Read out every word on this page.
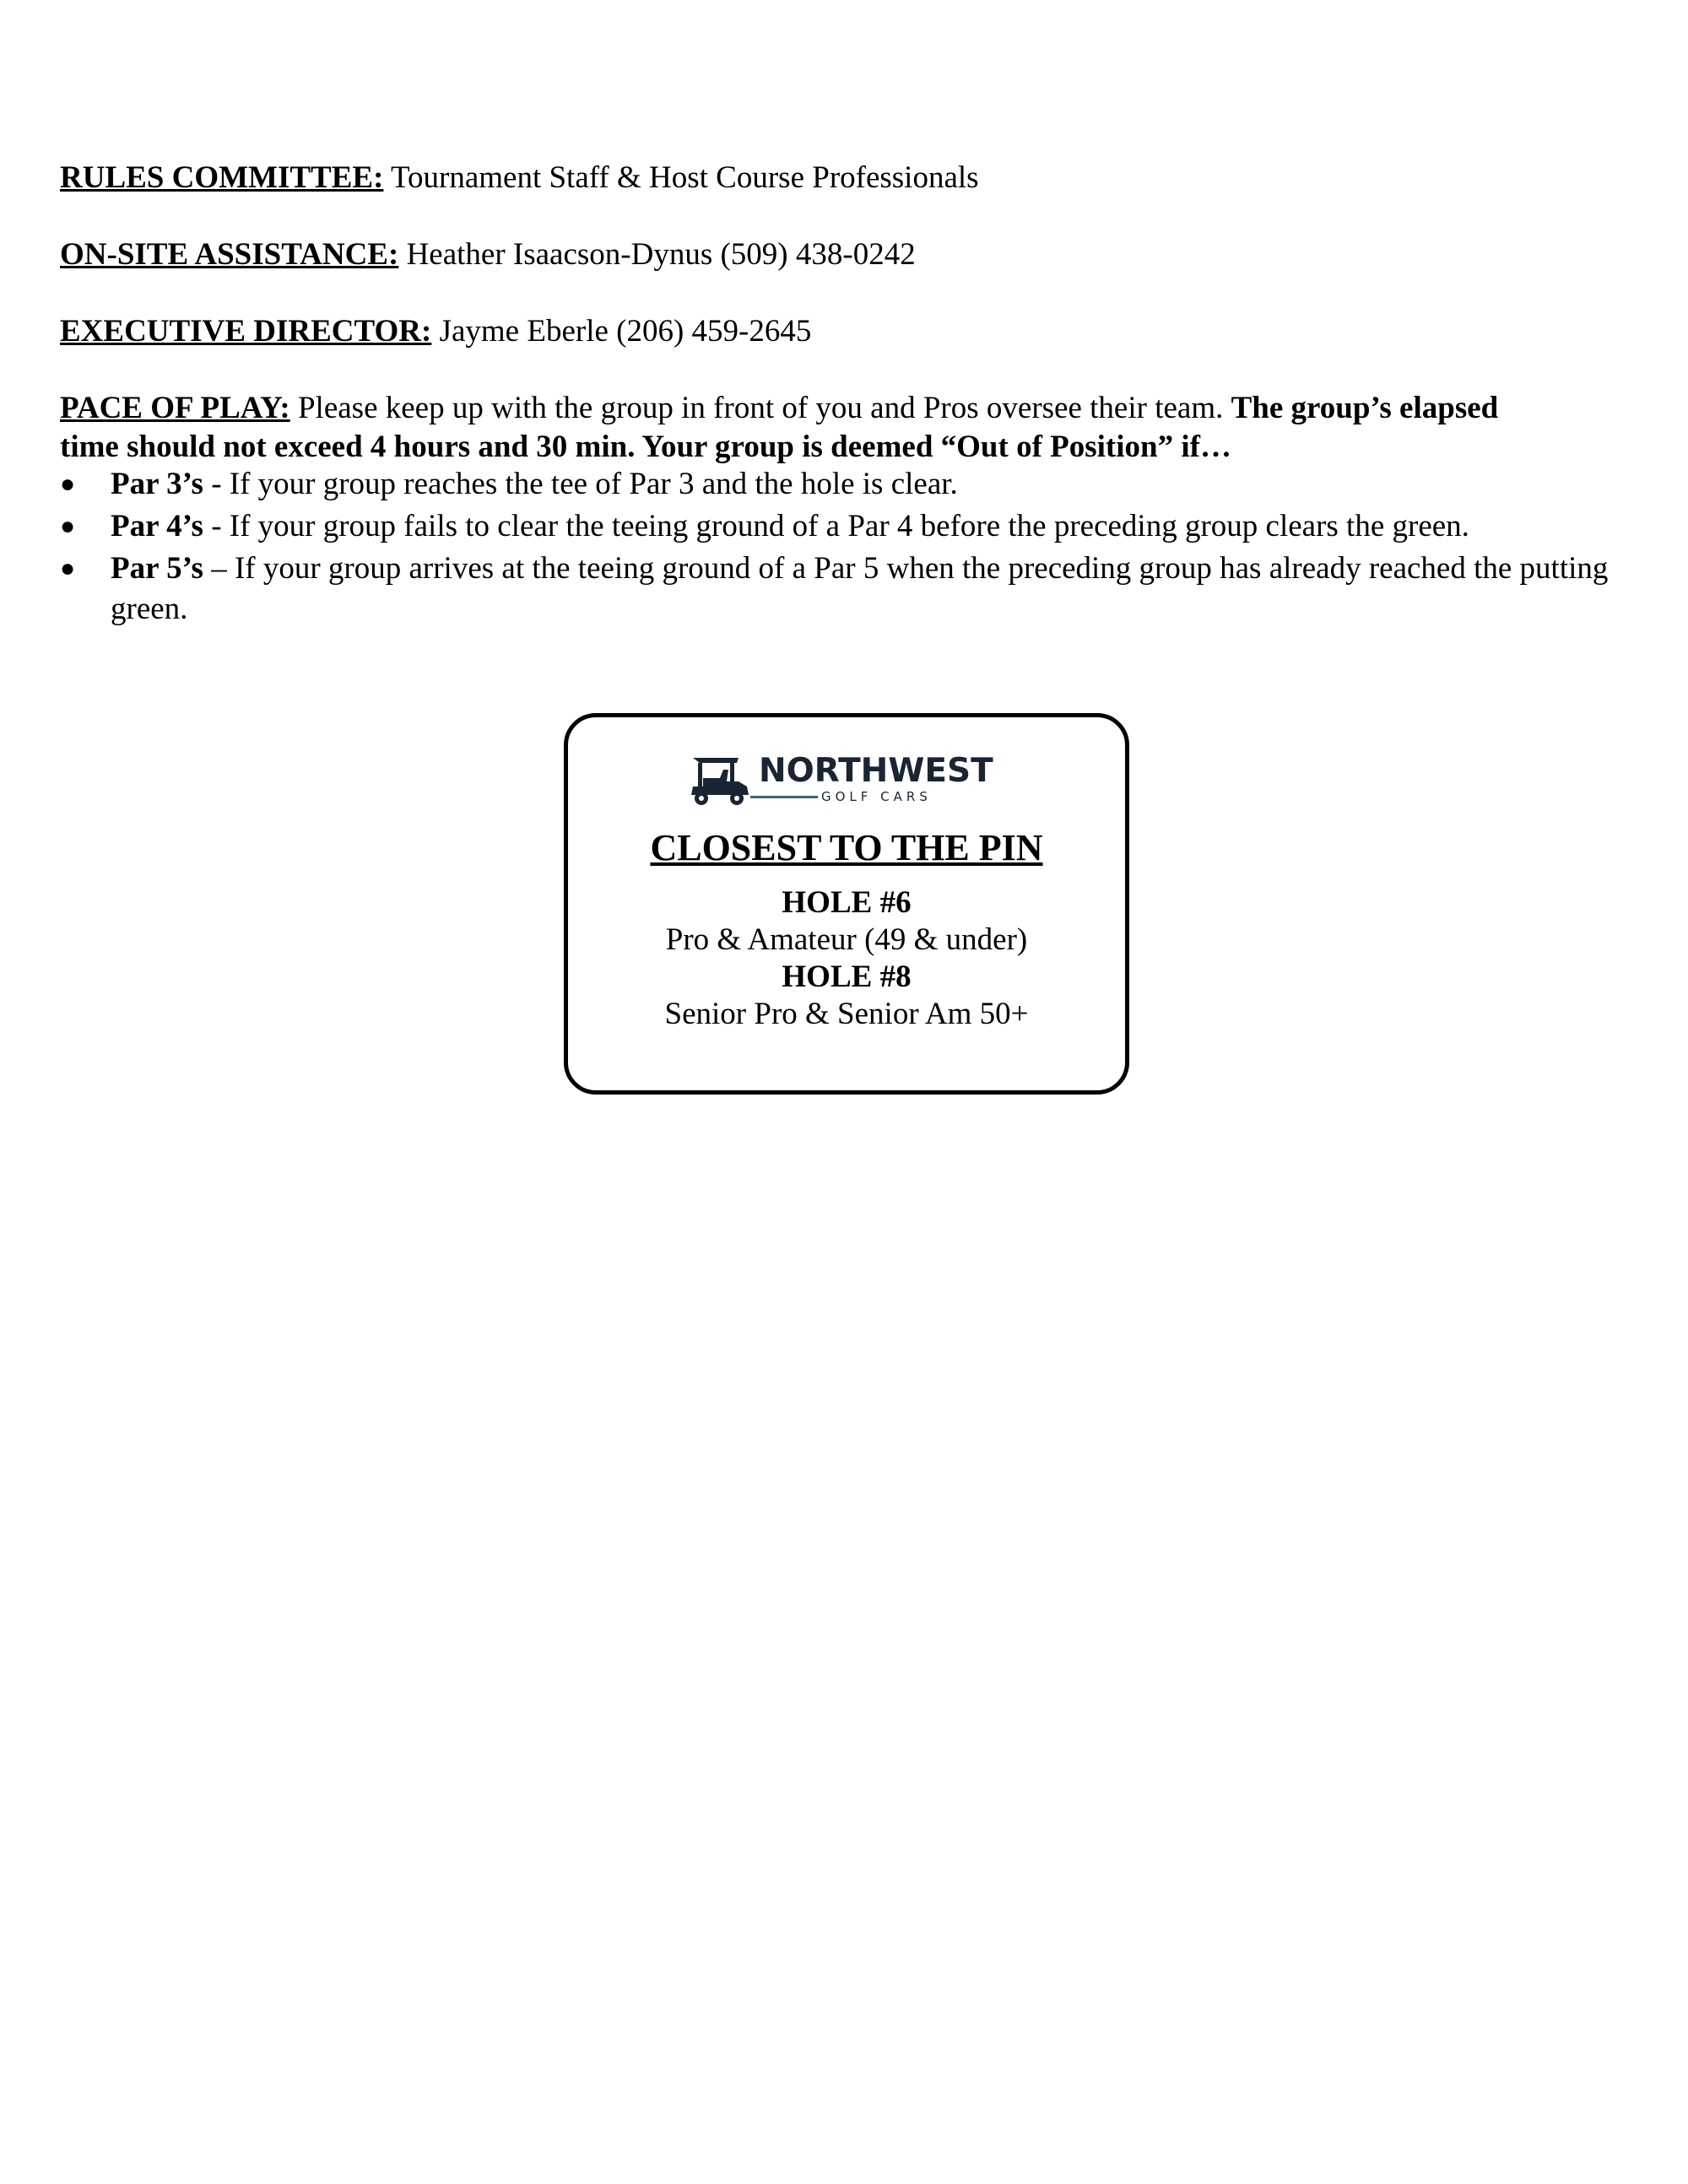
RULES COMMITTEE: Tournament Staff & Host Course Professionals
ON-SITE ASSISTANCE: Heather Isaacson-Dynus (509) 438-0242
EXECUTIVE DIRECTOR: Jayme Eberle (206) 459-2645
PACE OF PLAY: Please keep up with the group in front of you and Pros oversee their team. The group’s elapsed
time should not exceed 4 hours and 30 min. Your group is deemed “Out of Position” if…
●	Par 3’s - If your group reaches the tee of Par 3 and the hole is clear.
●	Par 4’s - If your group fails to clear the teeing ground of a Par 4 before the preceding group clears the green.
●	Par 5’s – If your group arrives at the teeing ground of a Par 5 when the preceding group has already reached the putting green.
NORTHWEST
GOLF CARS
CLOSEST TO THE PIN
HOLE #6
Pro & Amateur (49 & under)
HOLE #8
Senior Pro & Senior Am 50+
